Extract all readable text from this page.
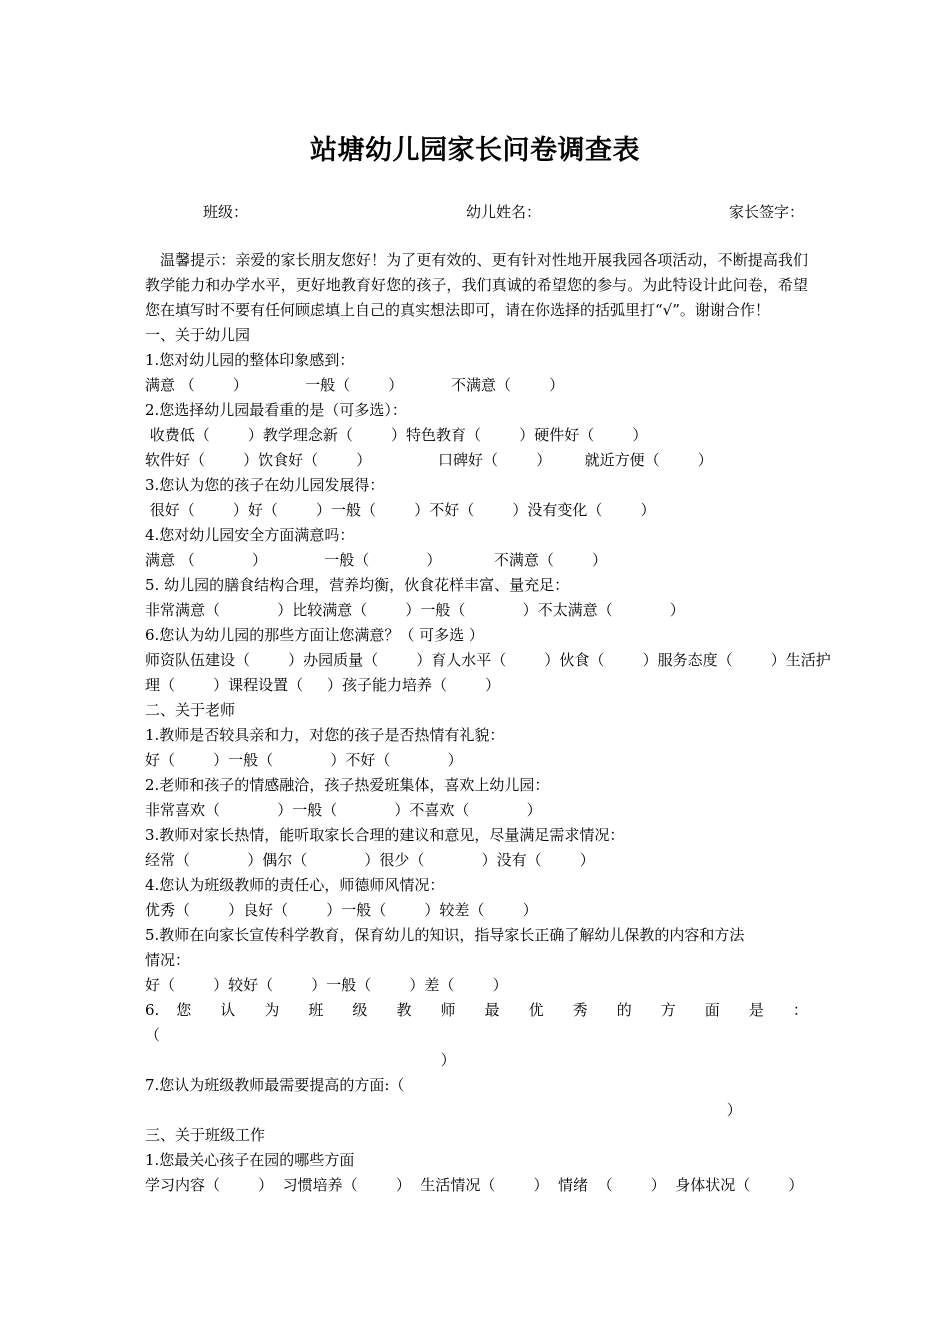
站塘幼儿园家长问卷调查表
班级：	幼儿姓名：	家长签字：
温馨提示：亲爱的家长朋友您好！为了更有效的、更有针对性地开展我园各项活动，不断提高我们教学能力和办学水平，更好地教育好您的孩子，我们真诚的希望您的参与。为此特设计此问卷，希望您在填写时不要有任何顾虑填上自己的真实想法即可，请在你选择的括弧里打“√”。谢谢合作！
一、关于幼儿园
1.您对幼儿园的整体印象感到：
满意 （        ）            一般（        ）          不满意（        ）
2.您选择幼儿园最看重的是（可多选）：
收费低（        ）教学理念新（        ）特色教育（        ）硬件好（        ）
软件好（        ）饮食好（        ）              口碑好（        ）       就近方便（        ）
3.您认为您的孩子在幼儿园发展得：
很好（        ）好（        ）一般（        ）不好（        ）没有变化（        ）
4.您对幼儿园安全方面满意吗：
满意 （            ）            一般（            ）           不满意（        ）
5. 幼儿园的膳食结构合理，营养均衡，伙食花样丰富、量充足：
非常满意（            ）比较满意（        ）一般（            ）不太满意（            ）
6.您认为幼儿园的那些方面让您满意？（ 可多选 ）
师资队伍建设（        ）办园质量（        ）育人水平（        ）伙食（        ）服务态度（        ）生活护
理（        ）课程设置（     ）孩子能力培养（        ）
二、关于老师
1.教师是否较具亲和力，对您的孩子是否热情有礼貌：
好（        ）一般（            ）不好（            ）
2.老师和孩子的情感融洽，孩子热爱班集体，喜欢上幼儿园：
非常喜欢（            ）一般（            ）不喜欢（            ）
3.教师对家长热情，能听取家长合理的建议和意见，尽量满足需求情况：
经常（            ）偶尔（            ）很少（            ）没有（        ）
4.您认为班级教师的责任心，师德师风情况：
优秀（        ）良好（        ）一般（        ）较差（        ）
5.教师在向家长宣传科学教育，保育幼儿的知识，指导家长正确了解幼儿保教的内容和方法
情况：
好（        ）较好（        ）一般（        ）差（        ）
6. 您 认 为 班 级 教 师 最 优 秀 的 方 面 是 ：
（
）
7.您认为班级教师最需要提高的方面:（
）
三、关于班级工作
1.您最关心孩子在园的哪些方面
学习内容（        ）  习惯培养（        ）  生活情况（        ）  情绪  （        ）  身体状况（        ）
